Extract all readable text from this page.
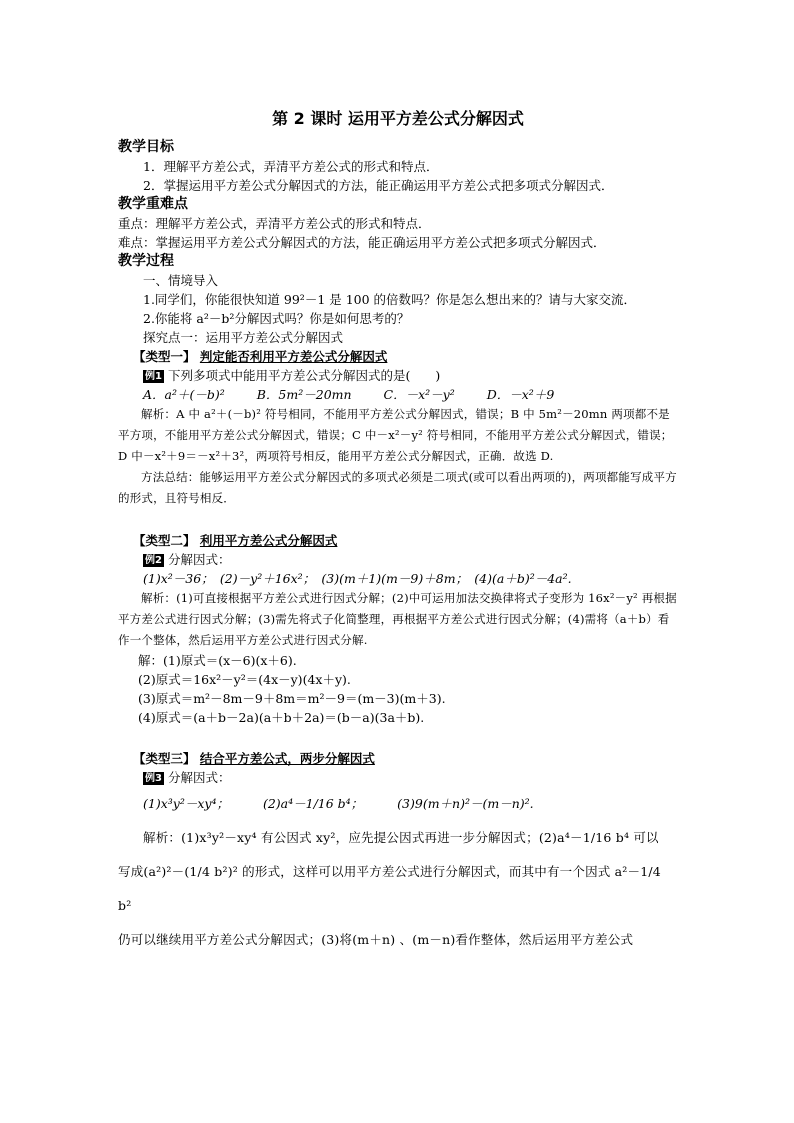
第 2 课时 运用平方差公式分解因式
教学目标

1．理解平方差公式，弄清平方差公式的形式和特点．

2．掌握运用平方差公式分解因式的方法，能正确运用平方差公式把多项式分解因式．

教学重难点

重点：理解平方差公式，弄清平方差公式的形式和特点．

难点：掌握运用平方差公式分解因式的方法，能正确运用平方差公式把多项式分解因式．

教学过程

一、情境导入

1.同学们，你能很快知道 99²－1 是 100 的倍数吗？你是怎么想出来的？请与大家交流．

2.你能将 a²－b²分解因式吗？你是如何思考的？

探究点一：运用平方差公式分解因式

【类型一】 判定能否利用平方差公式分解因式

例1 下列多项式中能用平方差公式分解因式的是(　　)

A．a²＋(－b)²	B．5m²－20mn	C．－x²－y²	D．－x²＋9

解析：A 中 a²＋(－b)² 符号相同，不能用平方差公式分解因式，错误；B 中 5m²－20mn 两项都不是平方项，不能用平方差公式分解因式，错误；C 中－x²－y² 符号相同，不能用平方差公式分解因式，错误；D 中－x²＋9＝－x²＋3²，两项符号相反，能用平方差公式分解因式，正确．故选 D.

方法总结：能够运用平方差公式分解因式的多项式必须是二项式(或可以看出两项的)，两项都能写成平方的形式，且符号相反．

【类型二】 利用平方差公式分解因式

例2 分解因式：

(1)x²－36；　(2)－y²＋16x²；　(3)(m＋1)(m－9)＋8m；　(4)(a＋b)²－4a².

解析：(1)可直接根据平方差公式进行因式分解；(2)中可运用加法交换律将式子变形为 16x²－y² 再根据平方差公式进行因式分解；(3)需先将式子化简整理，再根据平方差公式进行因式分解；(4)需将（a＋b）看作一个整体，然后运用平方差公式进行因式分解.

解：(1)原式＝(x－6)(x＋6).

(2)原式＝16x²－y²＝(4x－y)(4x＋y).

(3)原式＝m²－8m－9＋8m＝m²－9＝(m－3)(m＋3).

(4)原式＝(a＋b－2a)(a＋b＋2a)＝(b－a)(3a＋b).

【类型三】 结合平方差公式，两步分解因式

例3 分解因式：

(1)x³y²－xy⁴；	(2)a⁴－1/16 b⁴；	(3)9(m＋n)²－(m－n)².

解析：(1)x³y²－xy⁴ 有公因式 xy²，应先提公因式再进一步分解因式；(2)a⁴－1/16 b⁴ 可以

写成(a²)²－(1/4 b²)² 的形式，这样可以用平方差公式进行分解因式，而其中有一个因式 a²－1/4 b²

仍可以继续用平方差公式分解因式；(3)将(m＋n) 、(m－n)看作整体，然后运用平方差公式
